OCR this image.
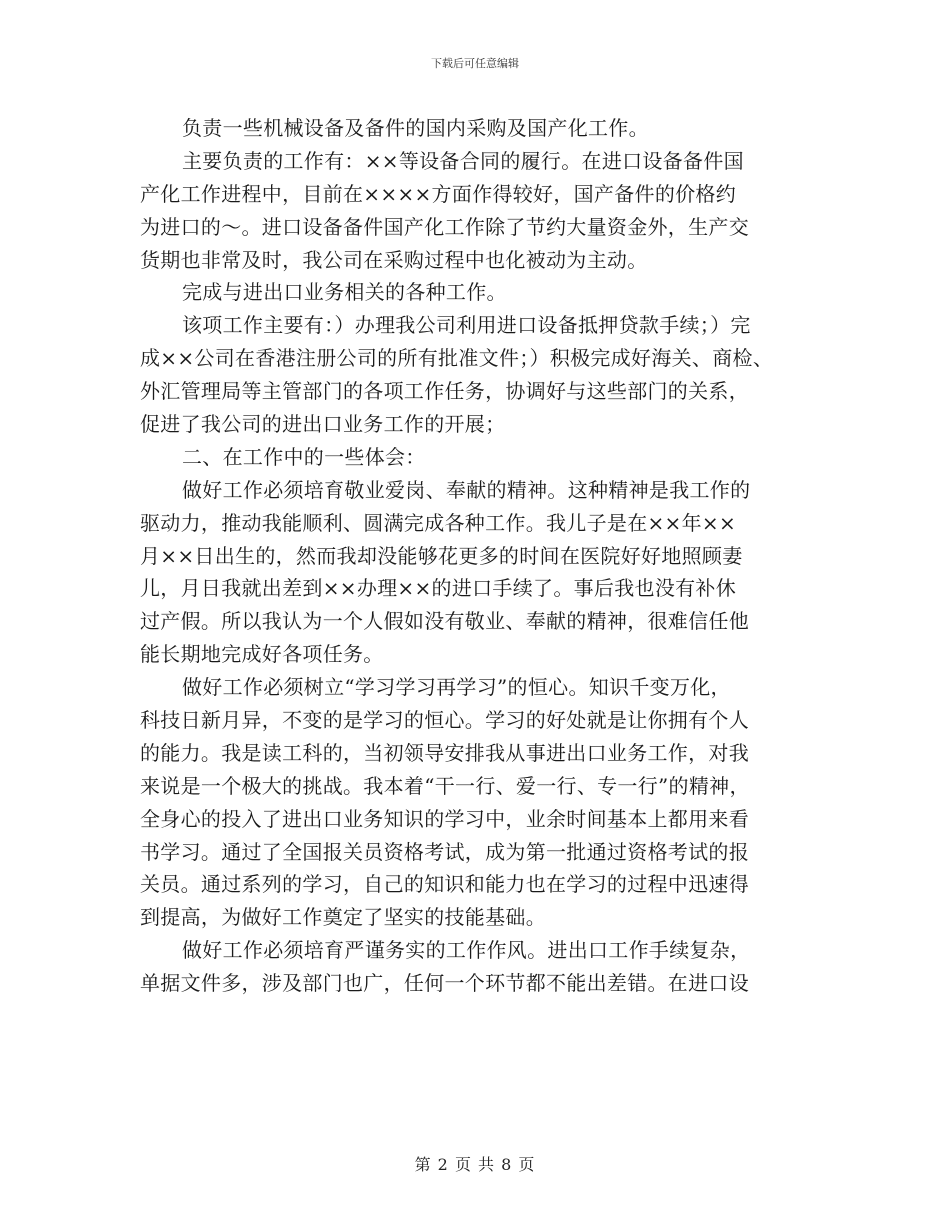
下载后可任意编辑
负责一些机械设备及备件的国内采购及国产化工作。
主要负责的工作有：××等设备合同的履行。在进口设备备件国
产化工作进程中，目前在××××方面作得较好，国产备件的价格约
为进口的～。进口设备备件国产化工作除了节约大量资金外，生产交
货期也非常及时，我公司在采购过程中也化被动为主动。
完成与进出口业务相关的各种工作。
该项工作主要有：）办理我公司利用进口设备抵押贷款手续；）完
成××公司在香港注册公司的所有批准文件；）积极完成好海关、商检、
外汇管理局等主管部门的各项工作任务，协调好与这些部门的关系，
促进了我公司的进出口业务工作的开展；
二、在工作中的一些体会：
做好工作必须培育敬业爱岗、奉献的精神。这种精神是我工作的
驱动力，推动我能顺利、圆满完成各种工作。我儿子是在××年××
月××日出生的，然而我却没能够花更多的时间在医院好好地照顾妻
儿，月日我就出差到××办理××的进口手续了。事后我也没有补休
过产假。所以我认为一个人假如没有敬业、奉献的精神，很难信任他
能长期地完成好各项任务。
做好工作必须树立“学习学习再学习”的恒心。知识千变万化，
科技日新月异，不变的是学习的恒心。学习的好处就是让你拥有个人
的能力。我是读工科的，当初领导安排我从事进出口业务工作，对我
来说是一个极大的挑战。我本着“干一行、爱一行、专一行”的精神，
全身心的投入了进出口业务知识的学习中，业余时间基本上都用来看
书学习。通过了全国报关员资格考试，成为第一批通过资格考试的报
关员。通过系列的学习，自己的知识和能力也在学习的过程中迅速得
到提高，为做好工作奠定了坚实的技能基础。
做好工作必须培育严谨务实的工作作风。进出口工作手续复杂，
单据文件多，涉及部门也广，任何一个环节都不能出差错。在进口设
第 2 页 共 8 页
